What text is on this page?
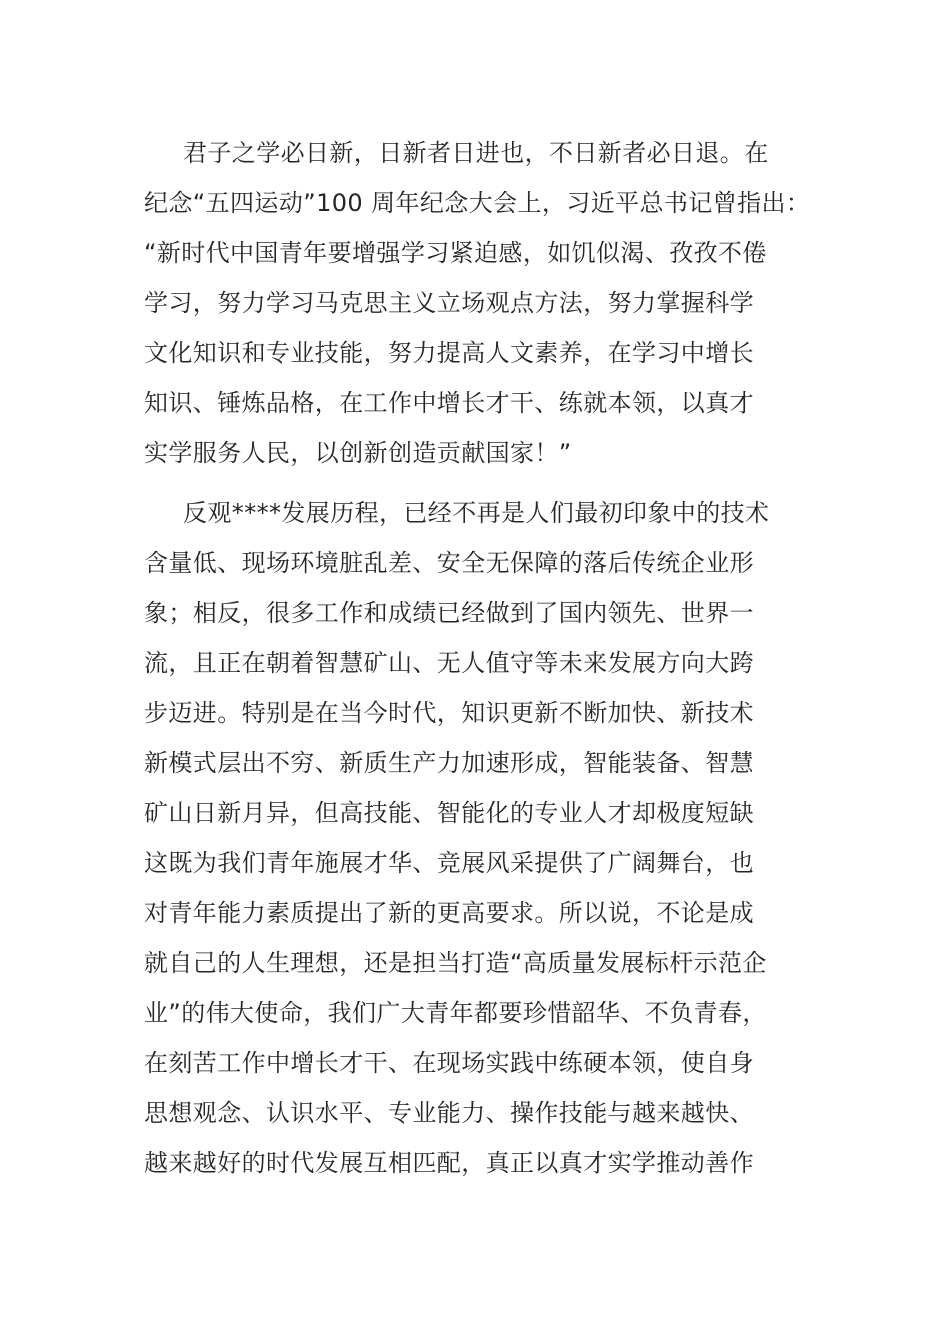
君子之学必日新，日新者日进也，不日新者必日退。在
纪念“五四运动”100 周年纪念大会上，习近平总书记曾指出：
“新时代中国青年要增强学习紧迫感，如饥似渴、孜孜不倦
学习，努力学习马克思主义立场观点方法，努力掌握科学
文化知识和专业技能，努力提高人文素养，在学习中增长
知识、锤炼品格，在工作中增长才干、练就本领，以真才
实学服务人民，以创新创造贡献国家！”
反观****发展历程，已经不再是人们最初印象中的技术
含量低、现场环境脏乱差、安全无保障的落后传统企业形
象；相反，很多工作和成绩已经做到了国内领先、世界一
流，且正在朝着智慧矿山、无人值守等未来发展方向大跨
步迈进。特别是在当今时代，知识更新不断加快、新技术
新模式层出不穷、新质生产力加速形成，智能装备、智慧
矿山日新月异，但高技能、智能化的专业人才却极度短缺
这既为我们青年施展才华、竞展风采提供了广阔舞台，也
对青年能力素质提出了新的更高要求。所以说，不论是成
就自己的人生理想，还是担当打造“高质量发展标杆示范企
业”的伟大使命，我们广大青年都要珍惜韶华、不负青春，
在刻苦工作中增长才干、在现场实践中练硬本领，使自身
思想观念、认识水平、专业能力、操作技能与越来越快、
越来越好的时代发展互相匹配，真正以真才实学推动善作
